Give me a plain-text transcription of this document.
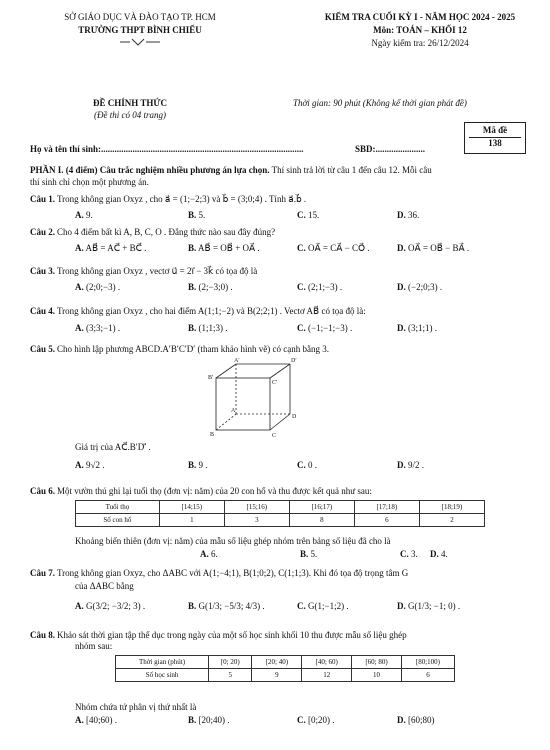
SỞ GIÁO DỤC VÀ ĐÀO TẠO TP. HCM
TRƯỜNG THPT BÌNH CHIỂU
KIỂM TRA CUỐI KỲ I - NĂM HỌC 2024 - 2025
Môn: TOÁN – KHỐI 12
Ngày kiểm tra: 26/12/2024
ĐỀ CHÍNH THỨC
(Đề thi có 04 trang)
Thời gian: 90 phút (Không kể thời gian phát đề)
Họ và tên thí sinh:..........................................................................................	SBD:......................
Mã đề
138
PHẦN I. (4 điểm) Câu trắc nghiệm nhiều phương án lựa chọn. Thí sinh trả lời từ câu 1 đến câu 12. Mỗi câu
thí sinh chỉ chọn một phương án.
Câu 1. Trong không gian Oxyz , cho a⃗ = (1;−2;3) và b⃗ = (3;0;4) . Tính a⃗.b⃗ .
A. 9.	B. 5.	C. 15.	D. 36.
Câu 2. Cho 4 điểm bất kì A, B, C, O . Đẳng thức nào sau đây đúng?
A. AB⃗ = AC⃗ + BC⃗ .	B. AB⃗ = OB⃗ + OA⃗ .	C. OA⃗ = CA⃗ − CO⃗ .	D. OA⃗ = OB⃗ − BA⃗ .
Câu 3. Trong không gian Oxyz , vectơ u⃗ = 2i⃗ − 3k⃗ có tọa độ là
A. (2;0;−3) .	B. (2;−3;0) .	C. (2;1;−3) .	D. (−2;0;3) .
Câu 4. Trong không gian Oxyz , cho hai điểm A(1;1;−2) và B(2;2;1) . Vectơ AB⃗ có tọa độ là:
A. (3;3;−1) .	B. (1;1;3) .	C. (−1;−1;−3) .	D. (3;1;1) .
Câu 5. Cho hình lập phương ABCD.A′B′C′D′ (tham khảo hình vẽ) có cạnh bằng 3.
A′	D′
B′
C′
A
D
B	C
Giá trị của AC⃗.B′D′⃗ .
A. 9√2 .	B. 9 .	C. 0 .	D. 9/2 .
Câu 6. Một vườn thú ghi lại tuổi thọ (đơn vị: năm) của 20 con hổ và thu được kết quả như sau:
Tuổi thọ	[14;15)	[15;16)	[16;17)	[17;18)	[18;19)
Số con hổ	1	3	8	6	2
Khoảng biến thiên (đơn vị: năm) của mẫu số liệu ghép nhóm trên bảng số liệu đã cho là
A. 6.	B. 5.	C. 3. D. 4.
Câu 7. Trong không gian Oxyz, cho ΔABC với A(1;−4;1), B(1;0;2), C(1;1;3). Khi đó tọa độ trọng tâm G
của ΔABC bằng
A. G(3/2; −3/2; 3) .	B. G(1/3; −5/3; 4/3) .	C. G(1;−1;2) .	D. G(1/3; −1; 0) .
Câu 8. Khảo sát thời gian tập thể dục trong ngày của một số học sinh khối 10 thu được mẫu số liệu ghép
nhóm sau:
Thời gian (phút)	[0; 20)	[20; 40)	[40; 60)	[60; 80)	[80;100)
Số học sinh	5	9	12	10	6
Nhóm chứa tứ phân vị thứ nhất là
A. [40;60) .	B. [20;40) .	C. [0;20) .	D. [60;80)
